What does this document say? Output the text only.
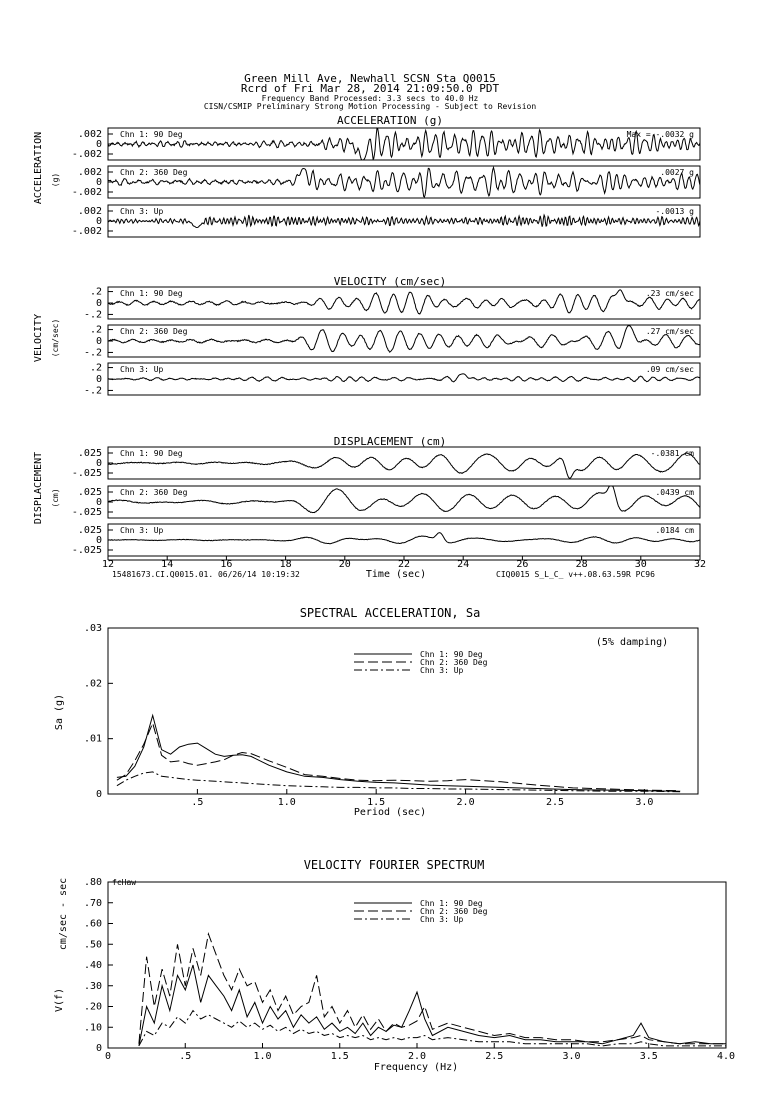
Green Mill Ave, Newhall SCSN Sta Q0015
Rcrd of Fri Mar 28, 2014 21:09:50.0 PDT
Frequency Band Processed: 3.3 secs to 40.0 Hz
CISN/CSMIP Preliminary Strong Motion Processing - Subject to Revision
ACCELERATION (g)
ACCELERATION (g)
VELOCITY (cm/sec)
VELOCITY (cm/sec)
DISPLACEMENT (cm)
DISPLACEMENT (cm)
.002
0
-.002
Chn 1: 90 Deg	Max = -.0032 g
.002
0
-.002
Chn 2: 360 Deg	.0027 g
.002
0
-.002
Chn 3: Up	-.0013 g
.2
0
-.2
Chn 1: 90 Deg	.23 cm/sec
.2
0
-.2
Chn 2: 360 Deg	.27 cm/sec
.2
0
-.2
Chn 3: Up	.09 cm/sec
.025
0
-.025
Chn 1: 90 Deg	-.0381 cm
.025
0
-.025
Chn 2: 360 Deg	.0439 cm
.025
0
-.025
Chn 3: Up	.0184 cm
Time (sec)
15481673.CI.Q0015.01. 06/26/14 10:19:32	CIQ0015 S_L_C_ v++.08.63.59R PC96
12	14	16	18	20	22	24	26	28	30	32
SPECTRAL ACCELERATION, Sa
Sa (g)
Period (sec)
(5% damping)
.5	1.0	1.5	2.0	2.5	3.0
0
.01
.02
.03
Chn 1: 90 Deg
Chn 2: 360 Deg
Chn 3: Up
VELOCITY FOURIER SPECTRUM
V(f)
cm/sec - sec
Frequency (Hz)
fcHaw
0	.5	1.0	1.5	2.0	2.5	3.0	3.5	4.0
0
.10
.20
.30
.40
.50
.60
.70
.80
Chn 1: 90 Deg
Chn 2: 360 Deg
Chn 3: Up
